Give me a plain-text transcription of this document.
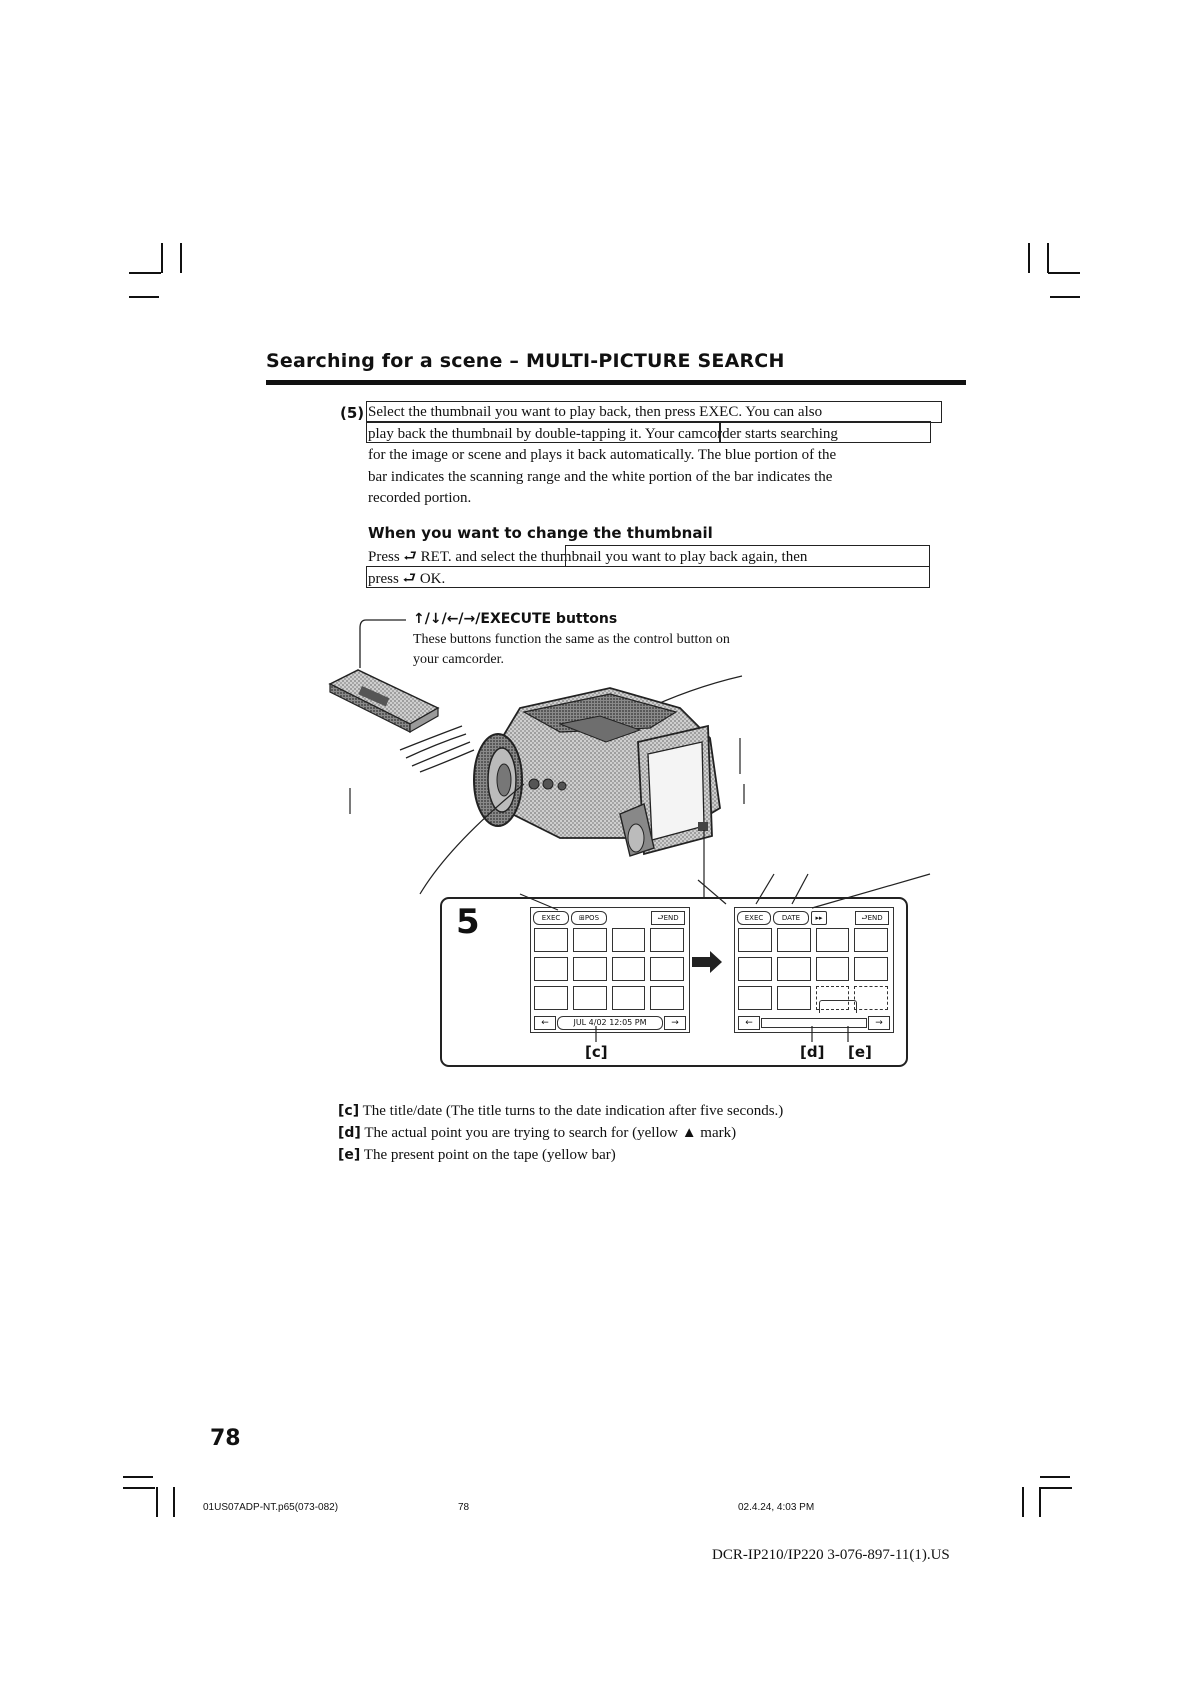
Searching for a scene – MULTI-PICTURE SEARCH
(5) Select the thumbnail you want to play back, then press EXEC. You can also
play back the thumbnail by double-tapping it. Your camcorder starts searching
for the image or scene and plays it back automatically. The blue portion of the
bar indicates the scanning range and the white portion of the bar indicates the
recorded portion.
When you want to change the thumbnail
Press ⮐ RET. and select the thumbnail you want to play back again, then
press ⮐ OK.
↑/↓/←/→/EXECUTE buttons
These buttons function the same as the control button on
your camcorder.
5	EXEC	⊞POS	⮐END
←	JUL 4/02 12:05 PM	→
EXEC	DATE	▸▸	⮐END
←	→
[c]	[d] [e]
[c] The title/date (The title turns to the date indication after five seconds.)
[d] The actual point you are trying to search for (yellow ▲ mark)
[e] The present point on the tape (yellow bar)
78
01US07ADP-NT.p65(073-082)	78	02.4.24, 4:03 PM
DCR-IP210/IP220 3-076-897-11(1).US
